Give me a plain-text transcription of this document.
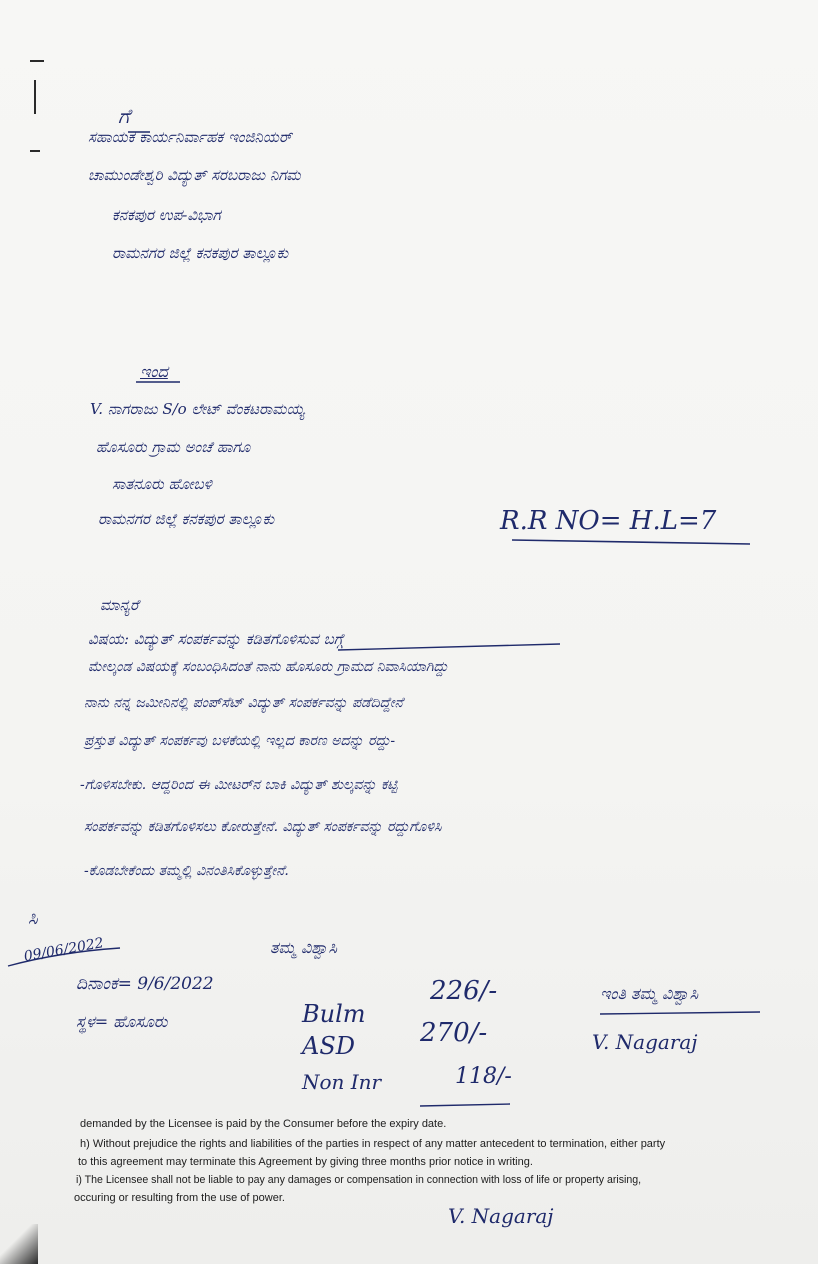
ಗೆ
ಸಹಾಯಕ ಕಾರ್ಯನಿರ್ವಾಹಕ ಇಂಜಿನಿಯರ್
ಚಾಮುಂಡೇಶ್ವರಿ ವಿದ್ಯುತ್ ಸರಬರಾಜು ನಿಗಮ
ಕನಕಪುರ ಉಪ-ವಿಭಾಗ
ರಾಮನಗರ ಜಿಲ್ಲೆ ಕನಕಪುರ ತಾಲ್ಲೂಕು
ಇಂದ
V. ನಾಗರಾಜು S/o ಲೇಟ್ ವೆಂಕಟರಾಮಯ್ಯ
ಹೊಸೂರು ಗ್ರಾಮ ಅಂಚೆ ಹಾಗೂ
ಸಾತನೂರು ಹೋಬಳಿ
ರಾಮನಗರ ಜಿಲ್ಲೆ ಕನಕಪುರ ತಾಲ್ಲೂಕು	R.R NO= H.L=7
ಮಾನ್ಯರೆ
ವಿಷಯ: ವಿದ್ಯುತ್ ಸಂಪರ್ಕವನ್ನು ಕಡಿತಗೊಳಿಸುವ ಬಗ್ಗೆ
ಮೇಲ್ಕಂಡ ವಿಷಯಕ್ಕೆ ಸಂಬಂಧಿಸಿದಂತೆ ನಾನು ಹೊಸೂರು ಗ್ರಾಮದ ನಿವಾಸಿಯಾಗಿದ್ದು
ನಾನು ನನ್ನ ಜಮೀನಿನಲ್ಲಿ ಪಂಪ್‌ಸೆಟ್ ವಿದ್ಯುತ್ ಸಂಪರ್ಕವನ್ನು ಪಡೆದಿದ್ದೇನೆ
ಪ್ರಸ್ತುತ ವಿದ್ಯುತ್ ಸಂಪರ್ಕವು ಬಳಕೆಯಲ್ಲಿ ಇಲ್ಲದ ಕಾರಣ ಅದನ್ನು ರದ್ದು-
-ಗೊಳಿಸಬೇಕು. ಆದ್ದರಿಂದ ಈ ಮೀಟರ್‌ನ ಬಾಕಿ ವಿದ್ಯುತ್ ಶುಲ್ಕವನ್ನು ಕಟ್ಟಿ
ಸಂಪರ್ಕವನ್ನು ಕಡಿತಗೊಳಿಸಲು ಕೋರುತ್ತೇನೆ. ವಿದ್ಯುತ್ ಸಂಪರ್ಕವನ್ನು ರದ್ದುಗೊಳಿಸಿ
-ಕೊಡಬೇಕೆಂದು ತಮ್ಮಲ್ಲಿ ವಿನಂತಿಸಿಕೊಳ್ಳುತ್ತೇನೆ.
ಸಿ
09/06/2022
ದಿನಾಂಕ= 9/6/2022
ಸ್ಥಳ= ಹೊಸೂರು
ತಮ್ಮ ವಿಶ್ವಾಸಿ
Bulm
226/-
ASD 270/-
Non Inr	118/-
ಇಂತಿ ತಮ್ಮ ವಿಶ್ವಾಸಿ
V. Nagaraj
demanded by the Licensee is paid by the Consumer before the expiry date.
h) Without prejudice the rights and liabilities of the parties in respect of any matter antecedent to termination, either party
to this agreement may terminate this Agreement by giving three months prior notice in writing.
i) The Licensee shall not be liable to pay any damages or compensation in connection with loss of life or property arising,
occuring or resulting from the use of power.
V. Nagaraj
